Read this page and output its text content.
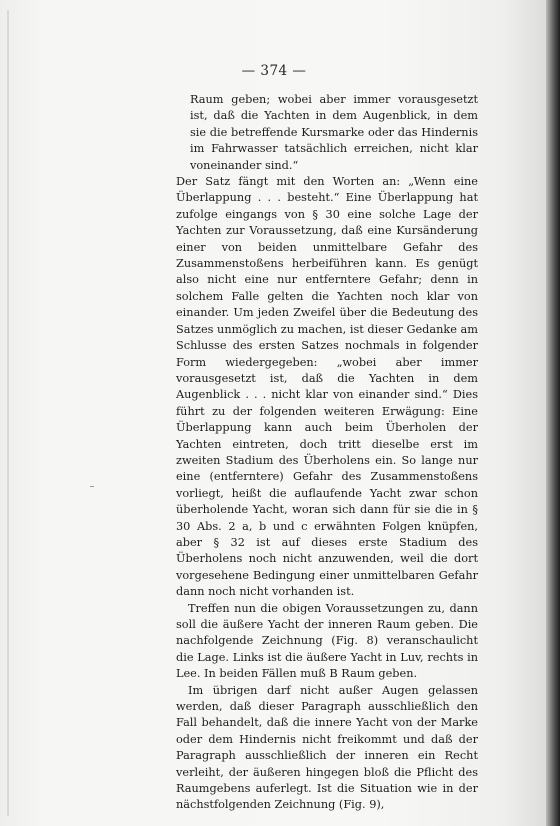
— 374 —

Raum geben; wobei aber immer vorausgesetzt ist, daß die Yachten in dem Augenblick, in dem sie die betreffende Kursmarke oder das Hindernis im Fahrwasser tatsächlich erreichen, nicht klar voneinander sind.“

Der Satz fängt mit den Worten an: „Wenn eine Überlappung . . . besteht.“ Eine Überlappung hat zufolge eingangs von § 30 eine solche Lage der Yachten zur Voraussetzung, daß eine Kursänderung einer von beiden unmittelbare Gefahr des Zusammenstoßens herbeiführen kann. Es genügt also nicht eine nur entferntere Gefahr; denn in solchem Falle gelten die Yachten noch klar von einander. Um jeden Zweifel über die Bedeutung des Satzes unmöglich zu machen, ist dieser Gedanke am Schlusse des ersten Satzes nochmals in folgender Form wiedergegeben: „wobei aber immer vorausgesetzt ist, daß die Yachten in dem Augenblick . . . nicht klar von einander sind.“ Dies führt zu der folgenden weiteren Erwägung: Eine Überlappung kann auch beim Überholen der Yachten eintreten, doch tritt dieselbe erst im zweiten Stadium des Überholens ein. So lange nur eine (entferntere) Gefahr des Zusammenstoßens vorliegt, heißt die auflaufende Yacht zwar schon überholende Yacht, woran sich dann für sie die in § 30 Abs. 2 a, b und c erwähnten Folgen knüpfen, aber § 32 ist auf dieses erste Stadium des Überholens noch nicht anzuwenden, weil die dort vorgesehene Bedingung einer unmittelbaren Gefahr dann noch nicht vorhanden ist.

Treffen nun die obigen Voraussetzungen zu, dann soll die äußere Yacht der inneren Raum geben. Die nachfolgende Zeichnung (Fig. 8) veranschaulicht die Lage. Links ist die äußere Yacht in Luv, rechts in Lee. In beiden Fällen muß B Raum geben.

Im übrigen darf nicht außer Augen gelassen werden, daß dieser Paragraph ausschließlich den Fall behandelt, daß die innere Yacht von der Marke oder dem Hindernis nicht freikommt und daß der Paragraph ausschließlich der inneren ein Recht verleiht, der äußeren hingegen bloß die Pflicht des Raumgebens auferlegt. Ist die Situation wie in der nächstfolgenden Zeichnung (Fig. 9),
